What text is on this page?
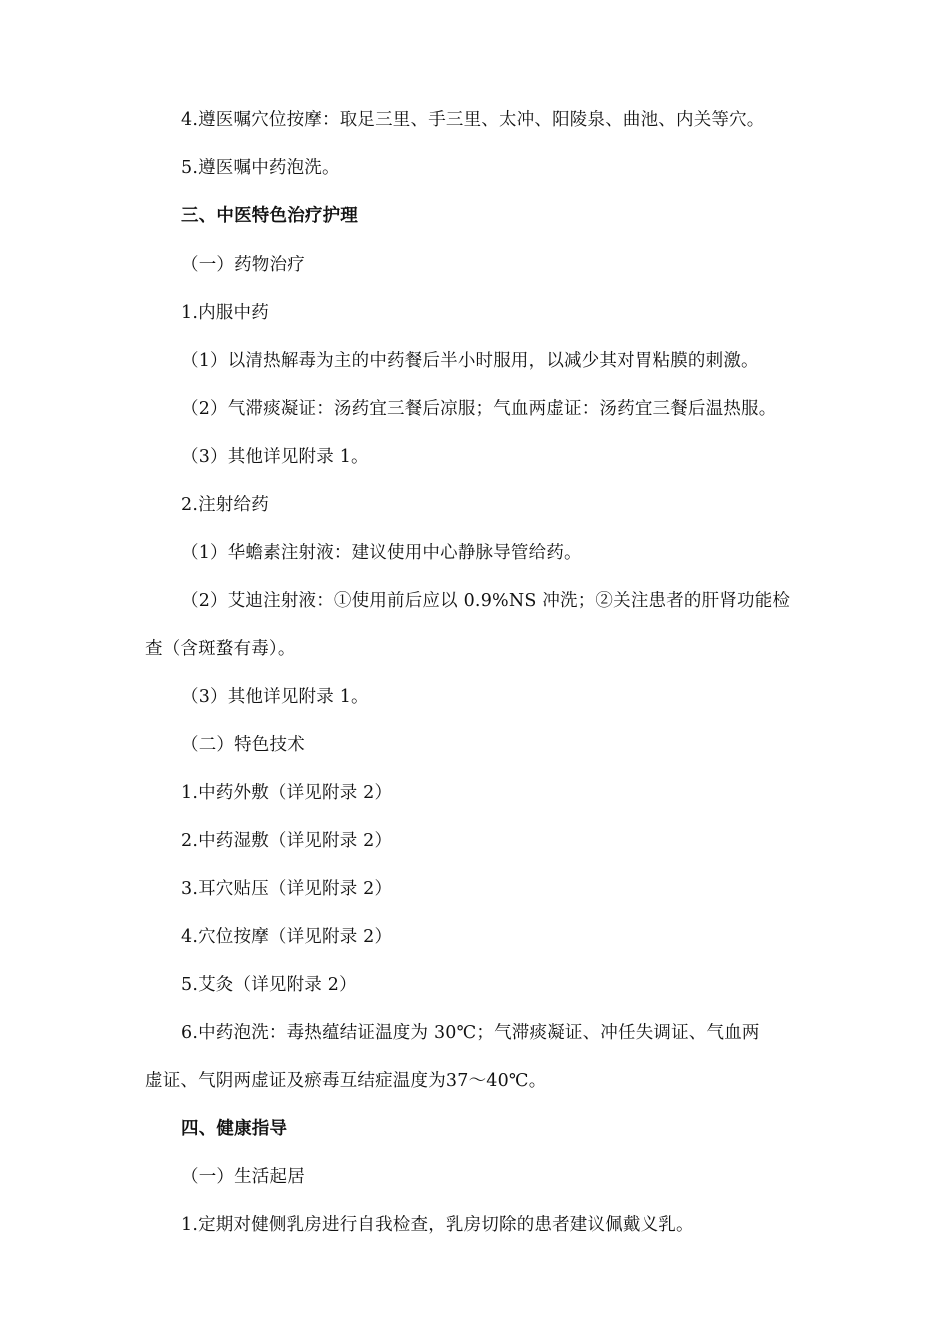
4.遵医嘱穴位按摩：取足三里、手三里、太冲、阳陵泉、曲池、内关等穴。
5.遵医嘱中药泡洗。
三、中医特色治疗护理
（一）药物治疗
1.内服中药
（1）以清热解毒为主的中药餐后半小时服用，以减少其对胃粘膜的刺激。
（2）气滞痰凝证：汤药宜三餐后凉服；气血两虚证：汤药宜三餐后温热服。
（3）其他详见附录 1。
2.注射给药
（1）华蟾素注射液：建议使用中心静脉导管给药。
（2）艾迪注射液：①使用前后应以 0.9%NS 冲洗；②关注患者的肝肾功能检
查（含斑蝥有毒）。
（3）其他详见附录 1。
（二）特色技术
1.中药外敷（详见附录 2）
2.中药湿敷（详见附录 2）
3.耳穴贴压（详见附录 2）
4.穴位按摩（详见附录 2）
5.艾灸（详见附录 2）
6.中药泡洗：毒热蕴结证温度为 30℃；气滞痰凝证、冲任失调证、气血两
虚证、气阴两虚证及瘀毒互结症温度为37～40℃。
四、健康指导
（一）生活起居
1.定期对健侧乳房进行自我检查，乳房切除的患者建议佩戴义乳。
